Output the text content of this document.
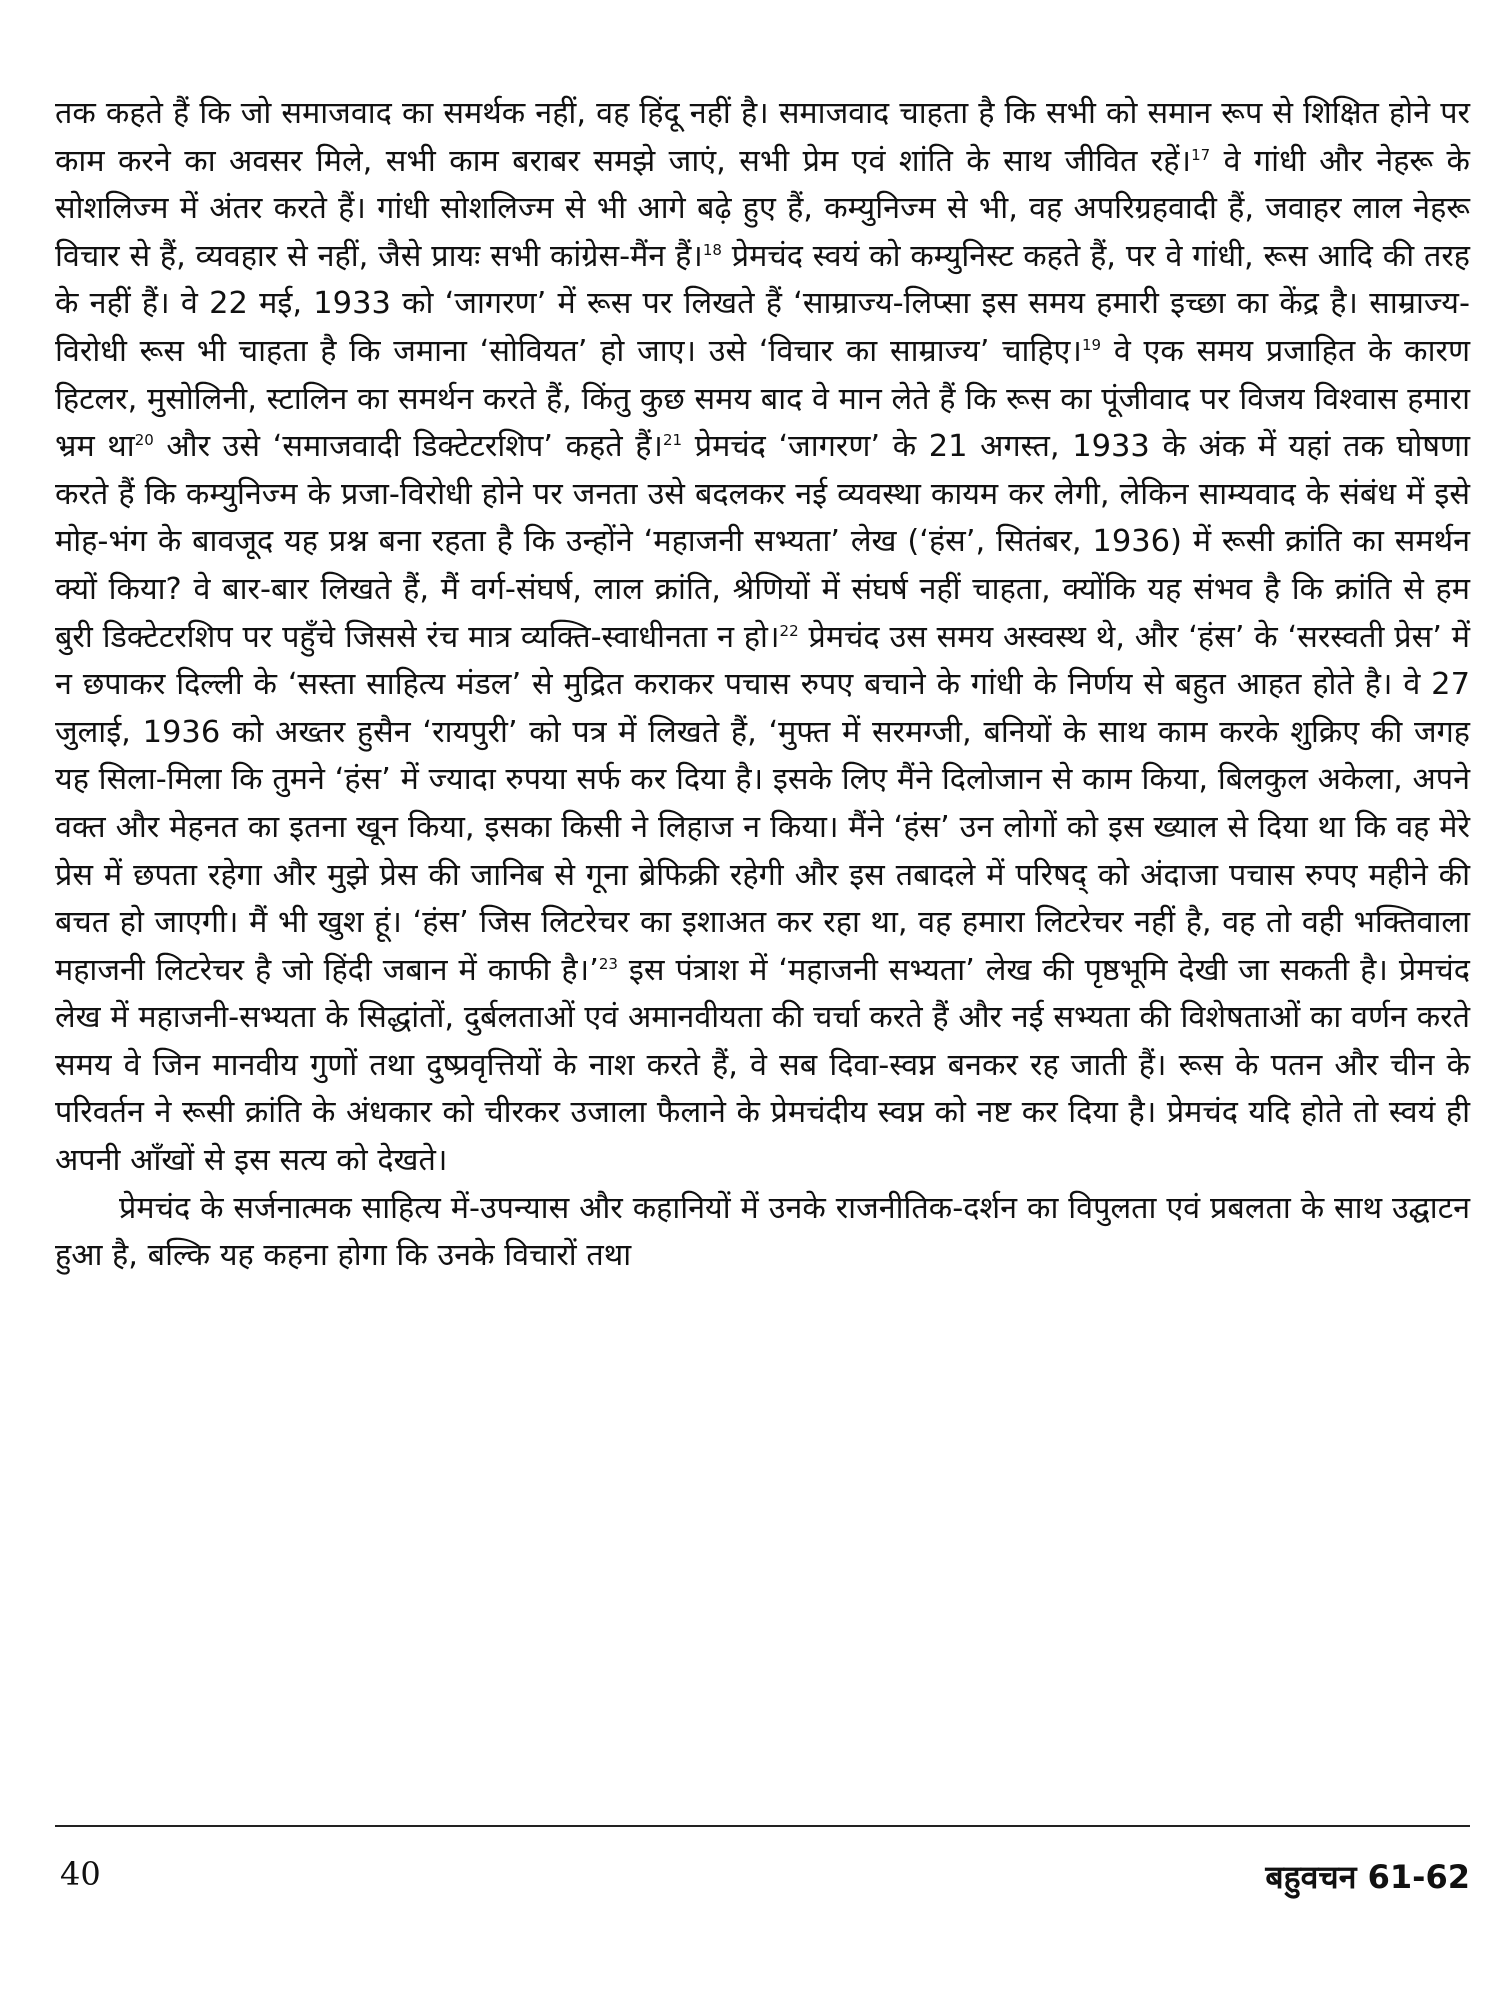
तक कहते हैं कि जो समाजवाद का समर्थक नहीं, वह हिंदू नहीं है। समाजवाद चाहता है कि सभी को समान रूप से शिक्षित होने पर काम करने का अवसर मिले, सभी काम बराबर समझे जाएं, सभी प्रेम एवं शांति के साथ जीवित रहें।$^{17}$ वे गांधी और नेहरू के सोशलिज्म में अंतर करते हैं। गांधी सोशलिज्म से भी आगे बढ़े हुए हैं, कम्युनिज्म से भी, वह अपरिग्रहवादी हैं, जवाहर लाल नेहरू विचार से हैं, व्यवहार से नहीं, जैसे प्रायः सभी कांग्रेस-मैंन हैं।$^{18}$ प्रेमचंद स्वयं को कम्युनिस्ट कहते हैं, पर वे गांधी, रूस आदि की तरह के नहीं हैं। वे 22 मई, 1933 को ‘जागरण’ में रूस पर लिखते हैं ‘साम्राज्य-लिप्सा इस समय हमारी इच्छा का केंद्र है। साम्राज्य-विरोधी रूस भी चाहता है कि जमाना ‘सोवियत’ हो जाए। उसे ‘विचार का साम्राज्य’ चाहिए।$^{19}$ वे एक समय प्रजाहित के कारण हिटलर, मुसोलिनी, स्टालिन का समर्थन करते हैं, किंतु कुछ समय बाद वे मान लेते हैं कि रूस का पूंजीवाद पर विजय विश्वास हमारा भ्रम था$^{20}$ और उसे ‘समाजवादी डिक्टेटरशिप’ कहते हैं।$^{21}$ प्रेमचंद ‘जागरण’ के 21 अगस्त, 1933 के अंक में यहां तक घोषणा करते हैं कि कम्युनिज्म के प्रजा-विरोधी होने पर जनता उसे बदलकर नई व्यवस्था कायम कर लेगी, लेकिन साम्यवाद के संबंध में इसे मोह-भंग के बावजूद यह प्रश्न बना रहता है कि उन्होंने ‘महाजनी सभ्यता’ लेख (‘हंस’, सितंबर, 1936) में रूसी क्रांति का समर्थन क्यों किया? वे बार-बार लिखते हैं, मैं वर्ग-संघर्ष, लाल क्रांति, श्रेणियों में संघर्ष नहीं चाहता, क्योंकि यह संभव है कि क्रांति से हम बुरी डिक्टेटरशिप पर पहुँचे जिससे रंच मात्र व्यक्ति-स्वाधीनता न हो।$^{22}$ प्रेमचंद उस समय अस्वस्थ थे, और ‘हंस’ के ‘सरस्वती प्रेस’ में न छपाकर दिल्ली के ‘सस्ता साहित्य मंडल’ से मुद्रित कराकर पचास रुपए बचाने के गांधी के निर्णय से बहुत आहत होते है। वे 27 जुलाई, 1936 को अख्तर हुसैन ‘रायपुरी’ को पत्र में लिखते हैं, ‘मुफ्त में सरमग्जी, बनियों के साथ काम करके शुक्रिए की जगह यह सिला-मिला कि तुमने ‘हंस’ में ज्यादा रुपया सर्फ कर दिया है। इसके लिए मैंने दिलोजान से काम किया, बिलकुल अकेला, अपने वक्त और मेहनत का इतना खून किया, इसका किसी ने लिहाज न किया। मैंने ‘हंस’ उन लोगों को इस ख्याल से दिया था कि वह मेरे प्रेस में छपता रहेगा और मुझे प्रेस की जानिब से गूना ब्रेफिक्री रहेगी और इस तबादले में परिषद् को अंदाजा पचास रुपए महीने की बचत हो जाएगी। मैं भी खुश हूं। ‘हंस’ जिस लिटरेचर का इशाअत कर रहा था, वह हमारा लिटरेचर नहीं है, वह तो वही भक्तिवाला महाजनी लिटरेचर है जो हिंदी जबान में काफी है।’$^{23}$ इस पंत्राश में ‘महाजनी सभ्यता’ लेख की पृष्ठभूमि देखी जा सकती है। प्रेमचंद लेख में महाजनी-सभ्यता के सिद्धांतों, दुर्बलताओं एवं अमानवीयता की चर्चा करते हैं और नई सभ्यता की विशेषताओं का वर्णन करते समय वे जिन मानवीय गुणों तथा दुष्प्रवृत्तियों के नाश करते हैं, वे सब दिवा-स्वप्न बनकर रह जाती हैं। रूस के पतन और चीन के परिवर्तन ने रूसी क्रांति के अंधकार को चीरकर उजाला फैलाने के प्रेमचंदीय स्वप्न को नष्ट कर दिया है। प्रेमचंद यदि होते तो स्वयं ही अपनी आँखों से इस सत्य को देखते।

प्रेमचंद के सर्जनात्मक साहित्य में-उपन्यास और कहानियों में उनके राजनीतिक-दर्शन का विपुलता एवं प्रबलता के साथ उद्घाटन हुआ है, बल्कि यह कहना होगा कि उनके विचारों तथा

40	बहुवचन 61-62
